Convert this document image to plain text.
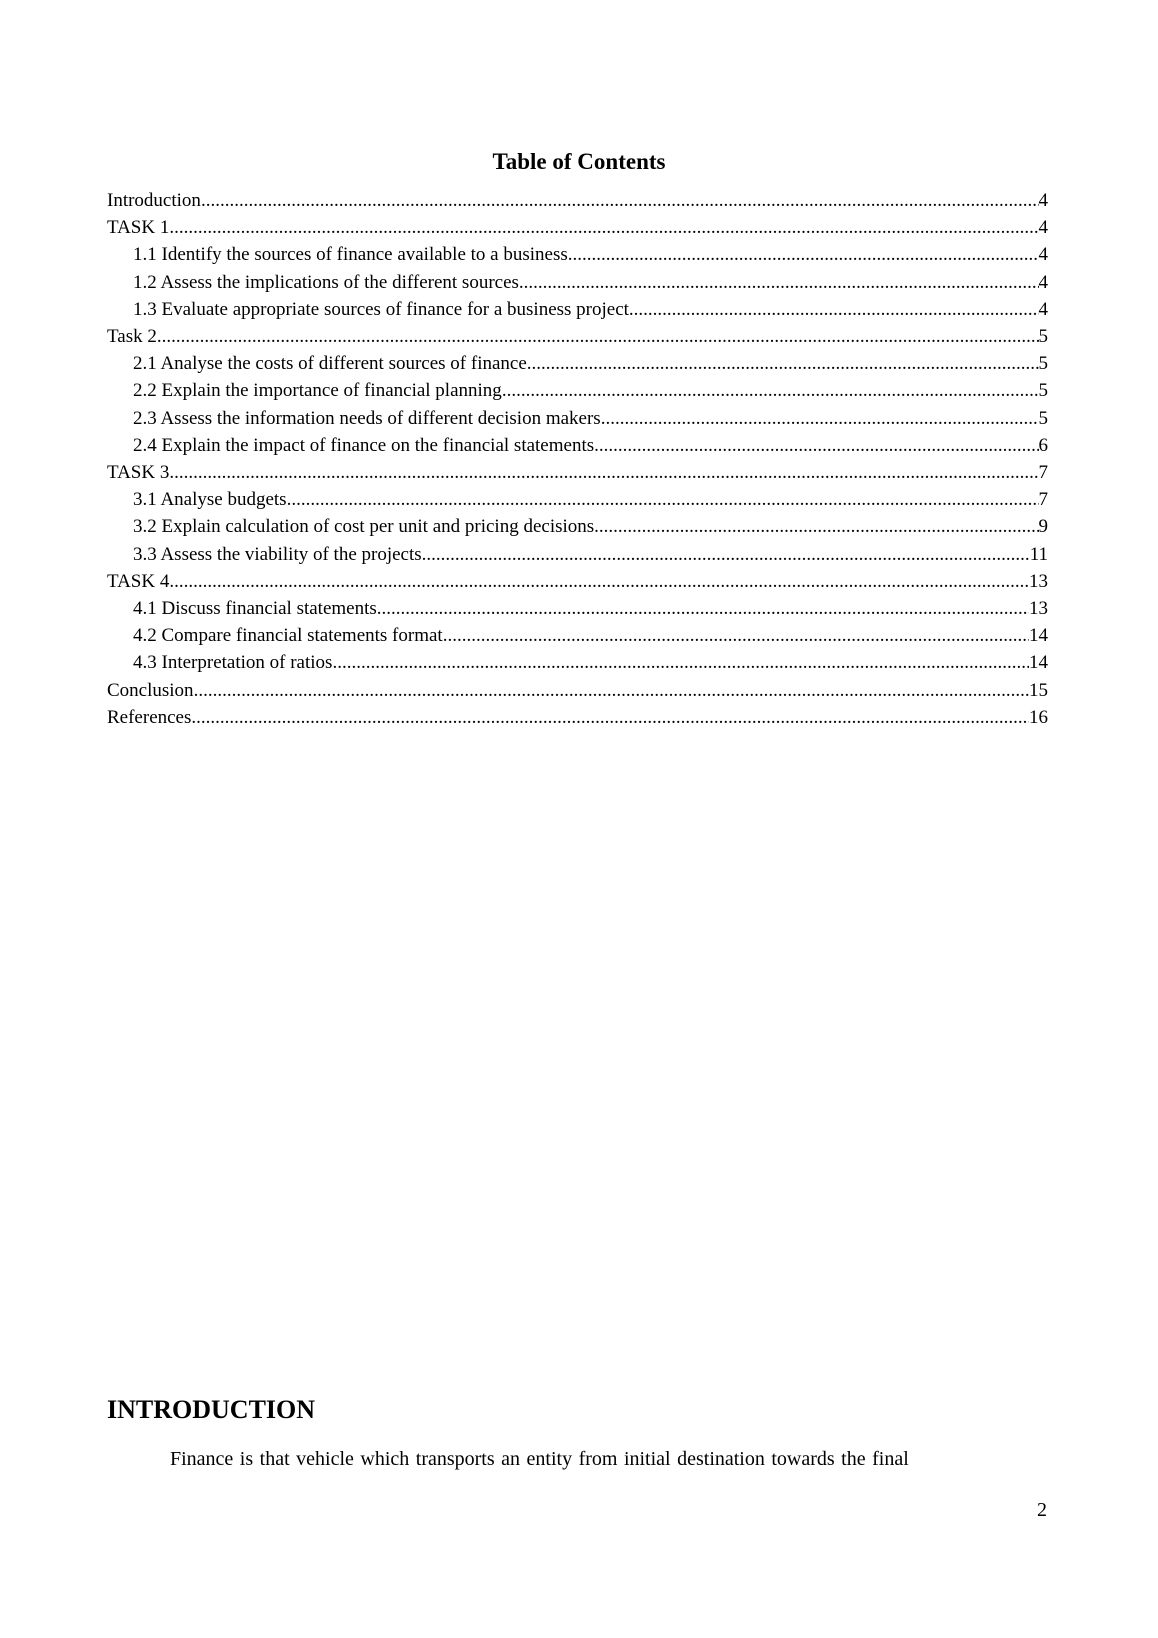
Table of Contents
Introduction .....	4
TASK 1 .....	4
1.1 Identify the sources of finance available to a business .....	4
1.2 Assess the implications of the different sources .....	4
1.3 Evaluate appropriate sources of finance for a business project .....	4
Task 2 .....	5
2.1 Analyse the costs of different sources of finance .....	5
2.2 Explain the importance of financial planning .....	5
2.3 Assess the information needs of different decision makers .....	5
2.4 Explain the impact of finance on the financial statements .....	6
TASK 3 .....	7
3.1 Analyse budgets .....	7
3.2 Explain calculation of cost per unit and pricing decisions .....	9
3.3 Assess the viability of the projects .....	11
TASK 4 .....	13
4.1 Discuss financial statements .....	13
4.2 Compare financial statements format .....	14
4.3 Interpretation of ratios .....	14
Conclusion .....	15
References .....	16
INTRODUCTION

Finance is that vehicle which transports an entity from initial destination towards the final

2
